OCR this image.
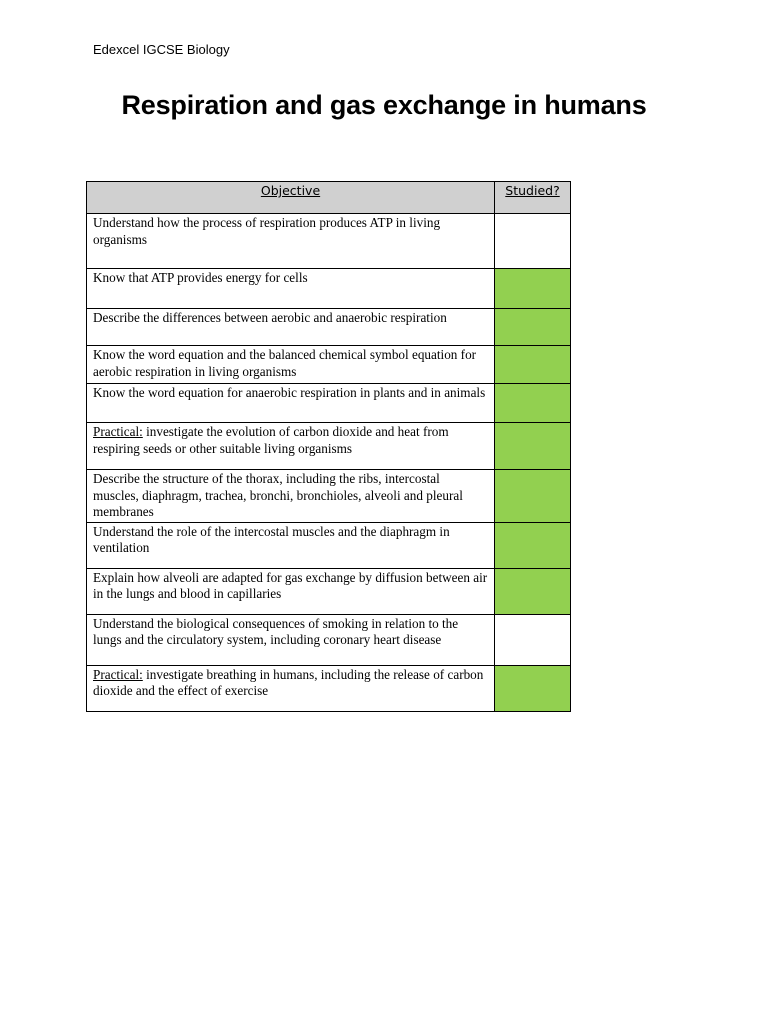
Edexcel IGCSE Biology
Respiration and gas exchange in humans
Objective	Studied?
Understand how the process of respiration produces ATP in living organisms	
Know that ATP provides energy for cells	
Describe the differences between aerobic and anaerobic respiration	
Know the word equation and the balanced chemical symbol equation for aerobic respiration in living organisms	
Know the word equation for anaerobic respiration in plants and in animals	
Practical: investigate the evolution of carbon dioxide and heat from respiring seeds or other suitable living organisms	
Describe the structure of the thorax, including the ribs, intercostal muscles, diaphragm, trachea, bronchi, bronchioles, alveoli and pleural membranes	
Understand the role of the intercostal muscles and the diaphragm in ventilation	
Explain how alveoli are adapted for gas exchange by diffusion between air in the lungs and blood in capillaries	
Understand the biological consequences of smoking in relation to the lungs and the circulatory system, including coronary heart disease	
Practical: investigate breathing in humans, including the release of carbon dioxide and the effect of exercise	
